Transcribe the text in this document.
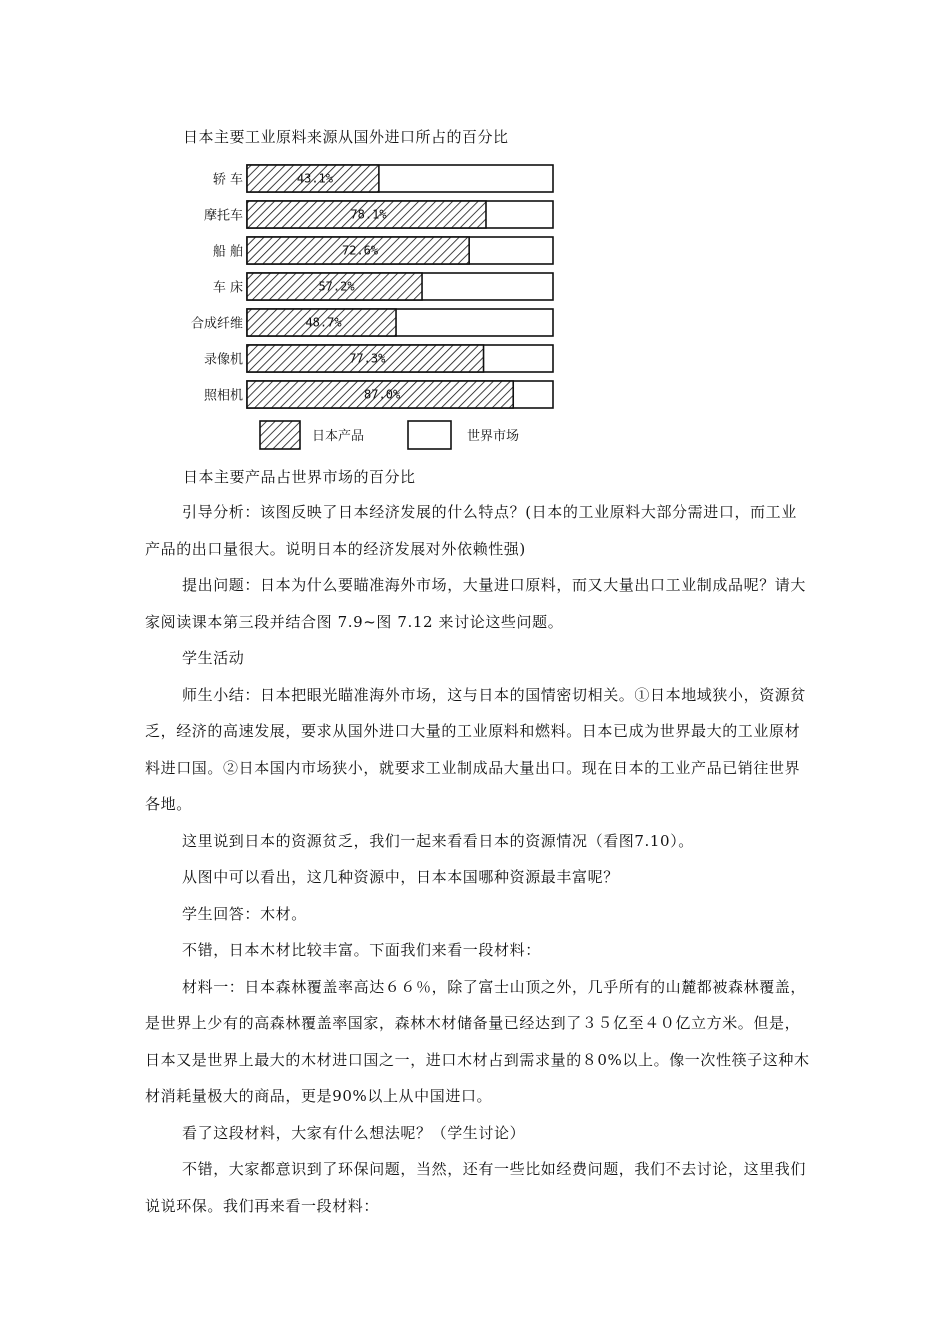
日本主要工业原料来源从国外进口所占的百分比
轿 车	43.1%
摩托车	78.1%
船 舶	72.6%
车 床	57.2%
合成纤维	48.7%
录像机	77.3%
照相机	87.0%
日本产品	世界市场
日本主要产品占世界市场的百分比

引导分析：该图反映了日本经济发展的什么特点？(日本的工业原料大部分需进口，而工业产品的出口量很大。说明日本的经济发展对外依赖性强)

提出问题：日本为什么要瞄准海外市场，大量进口原料，而又大量出口工业制成品呢？请大家阅读课本第三段并结合图 7.9~图 7.12 来讨论这些问题。

学生活动

师生小结：日本把眼光瞄准海外市场，这与日本的国情密切相关。①日本地域狭小，资源贫乏，经济的高速发展，要求从国外进口大量的工业原料和燃料。日本已成为世界最大的工业原材料进口国。②日本国内市场狭小，就要求工业制成品大量出口。现在日本的工业产品已销往世界各地。

这里说到日本的资源贫乏，我们一起来看看日本的资源情况（看图7.10）。

从图中可以看出，这几种资源中，日本本国哪种资源最丰富呢？

学生回答：木材。

不错，日本木材比较丰富。下面我们来看一段材料：

材料一：日本森林覆盖率高达６６％，除了富士山顶之外，几乎所有的山麓都被森林覆盖，是世界上少有的高森林覆盖率国家，森林木材储备量已经达到了３５亿至４０亿立方米。但是，日本又是世界上最大的木材进口国之一，进口木材占到需求量的８0%以上。像一次性筷子这种木材消耗量极大的商品，更是90%以上从中国进口。

看了这段材料，大家有什么想法呢？（学生讨论）

不错，大家都意识到了环保问题，当然，还有一些比如经费问题，我们不去讨论，这里我们说说环保。我们再来看一段材料：
